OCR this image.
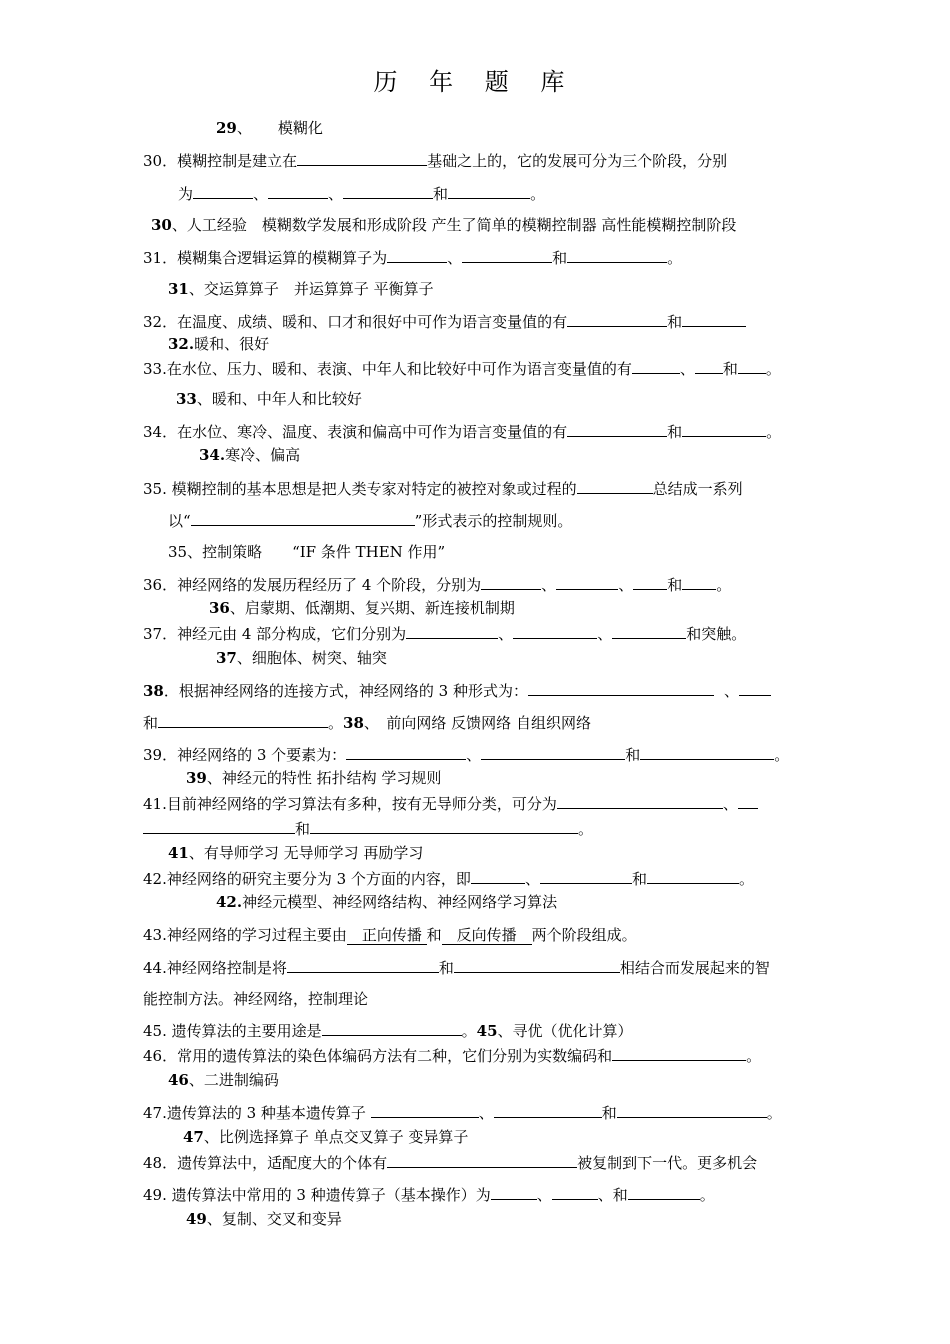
历 年 题 库
29、 模糊化
30．模糊控制是建立在	基础之上的，它的发展可分为三个阶段，分别
为	、	、	和	。
30、人工经验　模糊数学发展和形成阶段 产生了简单的模糊控制器 高性能模糊控制阶段
31．模糊集合逻辑运算的模糊算子为	、	和	。
31、交运算算子　并运算算子 平衡算子
32．在温度、成绩、暖和、口才和很好中可作为语言变量值的有	和
32.暖和、很好
33.在水位、压力、暖和、表演、中年人和比较好中可作为语言变量值的有	、 和 。
33、暖和、中年人和比较好
34．在水位、寒冷、温度、表演和偏高中可作为语言变量值的有	和	。
34.寒冷、偏高
35. 模糊控制的基本思想是把人类专家对特定的被控对象或过程的	总结成一系列
以“	”形式表示的控制规则。
35、控制策略　　“IF 条件 THEN 作用”
36．神经网络的发展历程经历了 4 个阶段，分别为	、	、 和 。
36、启蒙期、低潮期、复兴期、新连接机制期
37．神经元由 4 部分构成，它们分别为	、	、	和突触。
37、细胞体、树突、轴突
38．根据神经网络的连接方式，神经网络的 3 种形式为：	、
和	。38、　前向网络 反馈网络 自组织网络
39．神经网络的 3 个要素为：	、	和	。
39、神经元的特性 拓扑结构 学习规则
41.目前神经网络的学习算法有多种，按有无导师分类，可分为	、
和	。
41、有导师学习 无导师学习 再励学习
42.神经网络的研究主要分为 3 个方面的内容，即	、	和	。
42.神经元模型、神经网络结构、神经网络学习算法
43.神经网络的学习过程主要由　正向传播 和　反向传播　两个阶段组成。
44.神经网络控制是将	和	相结合而发展起来的智
能控制方法。神经网络，控制理论
45. 遗传算法的主要用途是	。45、寻优（优化计算）
46．常用的遗传算法的染色体编码方法有二种，它们分别为实数编码和	。
46、二进制编码
47.遗传算法的 3 种基本遗传算子	、	和	。
47、比例选择算子 单点交叉算子 变异算子
48．遗传算法中，适配度大的个体有	被复制到下一代。更多机会
49. 遗传算法中常用的 3 种遗传算子（基本操作）为	、	、和	。
49、复制、交叉和变异
